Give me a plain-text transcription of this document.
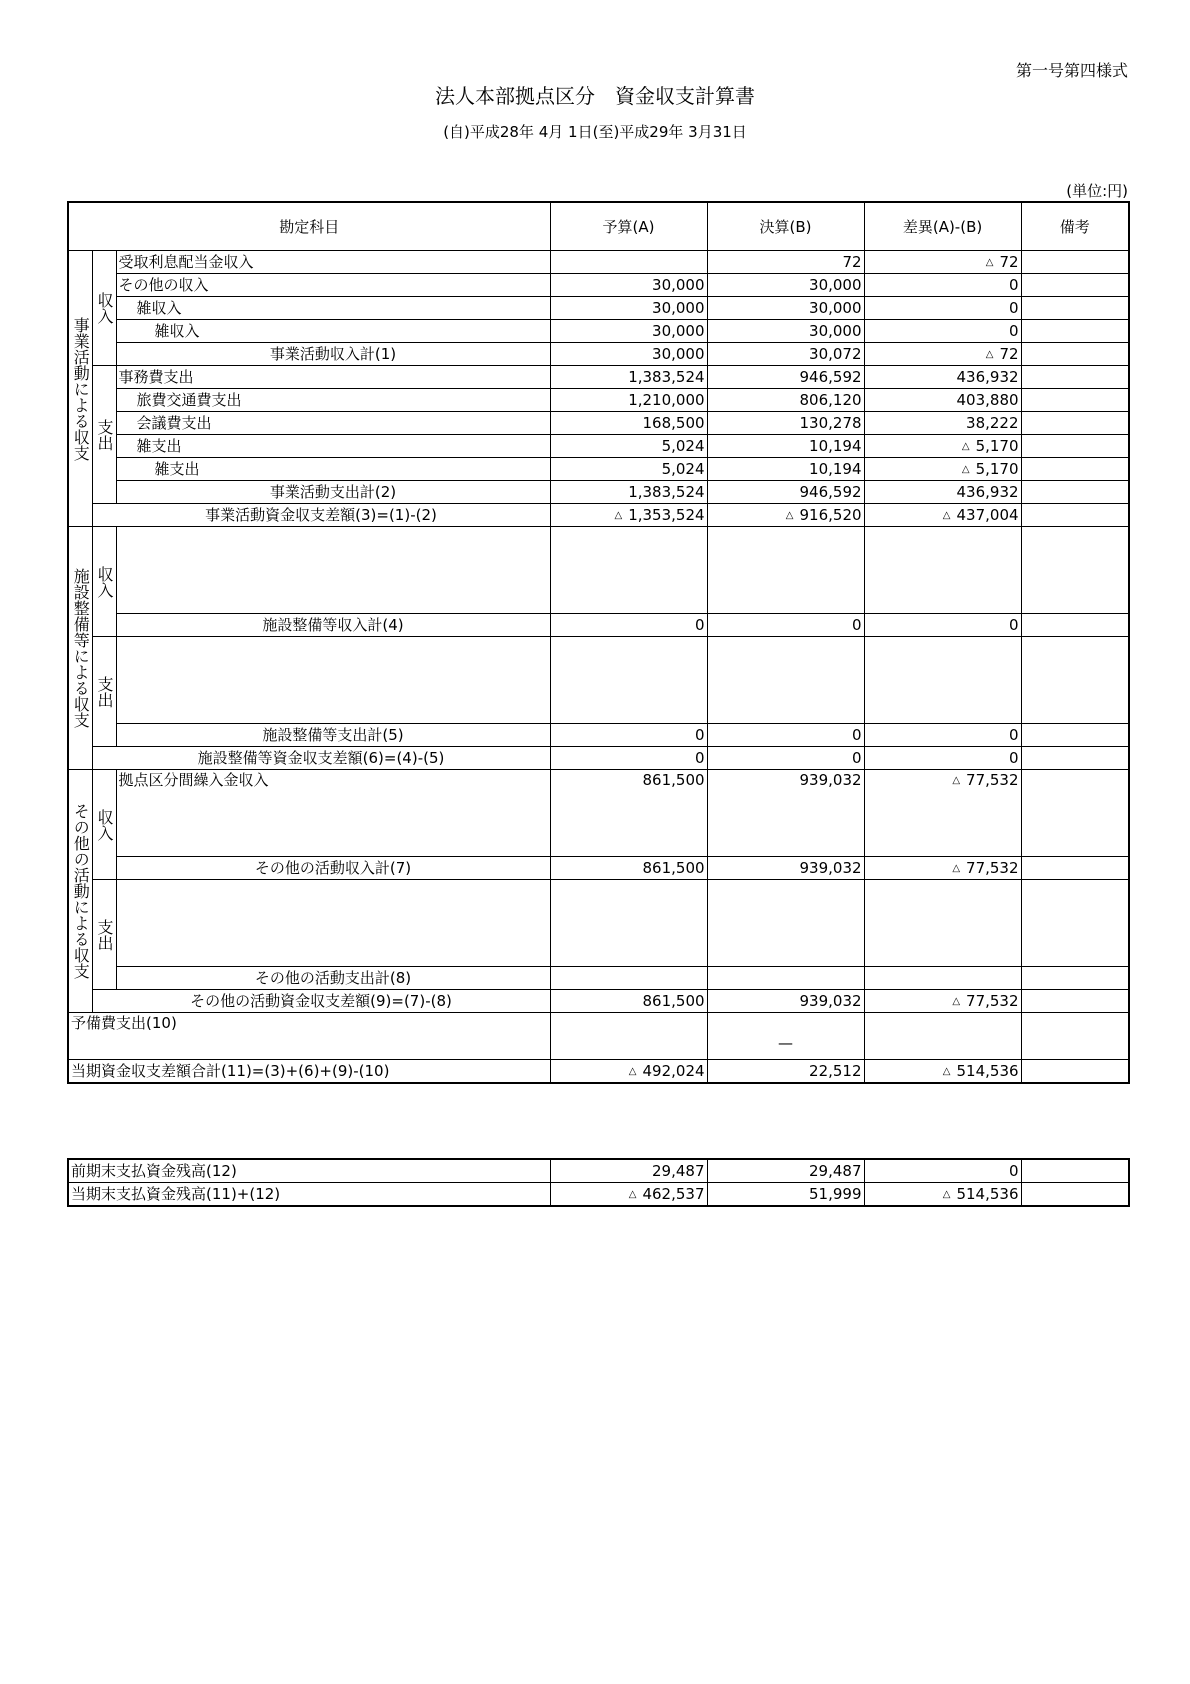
第一号第四様式
法人本部拠点区分　資金収支計算書
(自)平成28年 4月 1日(至)平成29年 3月31日
(単位:円)
勘定科目			予算(A)	決算(B)	差異(A)-(B)	備考
事業活動による収支	収入	受取利息配当金収入		72	△ 72	
		その他の収入	30,000	30,000	0	
		雑収入	30,000	30,000	0	
		雑収入	30,000	30,000	0	
		事業活動収入計(1)	30,000	30,072	△ 72	
	支出	事務費支出	1,383,524	946,592	436,932	
		旅費交通費支出	1,210,000	806,120	403,880	
		会議費支出	168,500	130,278	38,222	
		雑支出	5,024	10,194	△ 5,170	
		雑支出	5,024	10,194	△ 5,170	
		事業活動支出計(2)	1,383,524	946,592	436,932	
	事業活動資金収支差額(3)=(1)-(2)		△ 1,353,524	△ 916,520	△ 437,004	
施設整備等による収支	収入					
		施設整備等収入計(4)	0	0	0	
	支出					
		施設整備等支出計(5)	0	0	0	
	施設整備等資金収支差額(6)=(4)-(5)		0	0	0	
その他の活動による収支	収入	拠点区分間繰入金収入	861,500	939,032	△ 77,532	
		その他の活動収入計(7)	861,500	939,032	△ 77,532	
	支出					
		その他の活動支出計(8)				
	その他の活動資金収支差額(9)=(7)-(8)		861,500	939,032	△ 77,532	
予備費支出(10)				—		
当期資金収支差額合計(11)=(3)+(6)+(9)-(10)			△ 492,024	22,512	△ 514,536	
前期末支払資金残高(12)	29,487	29,487	0	
当期末支払資金残高(11)+(12)	△ 462,537	51,999	△ 514,536	
